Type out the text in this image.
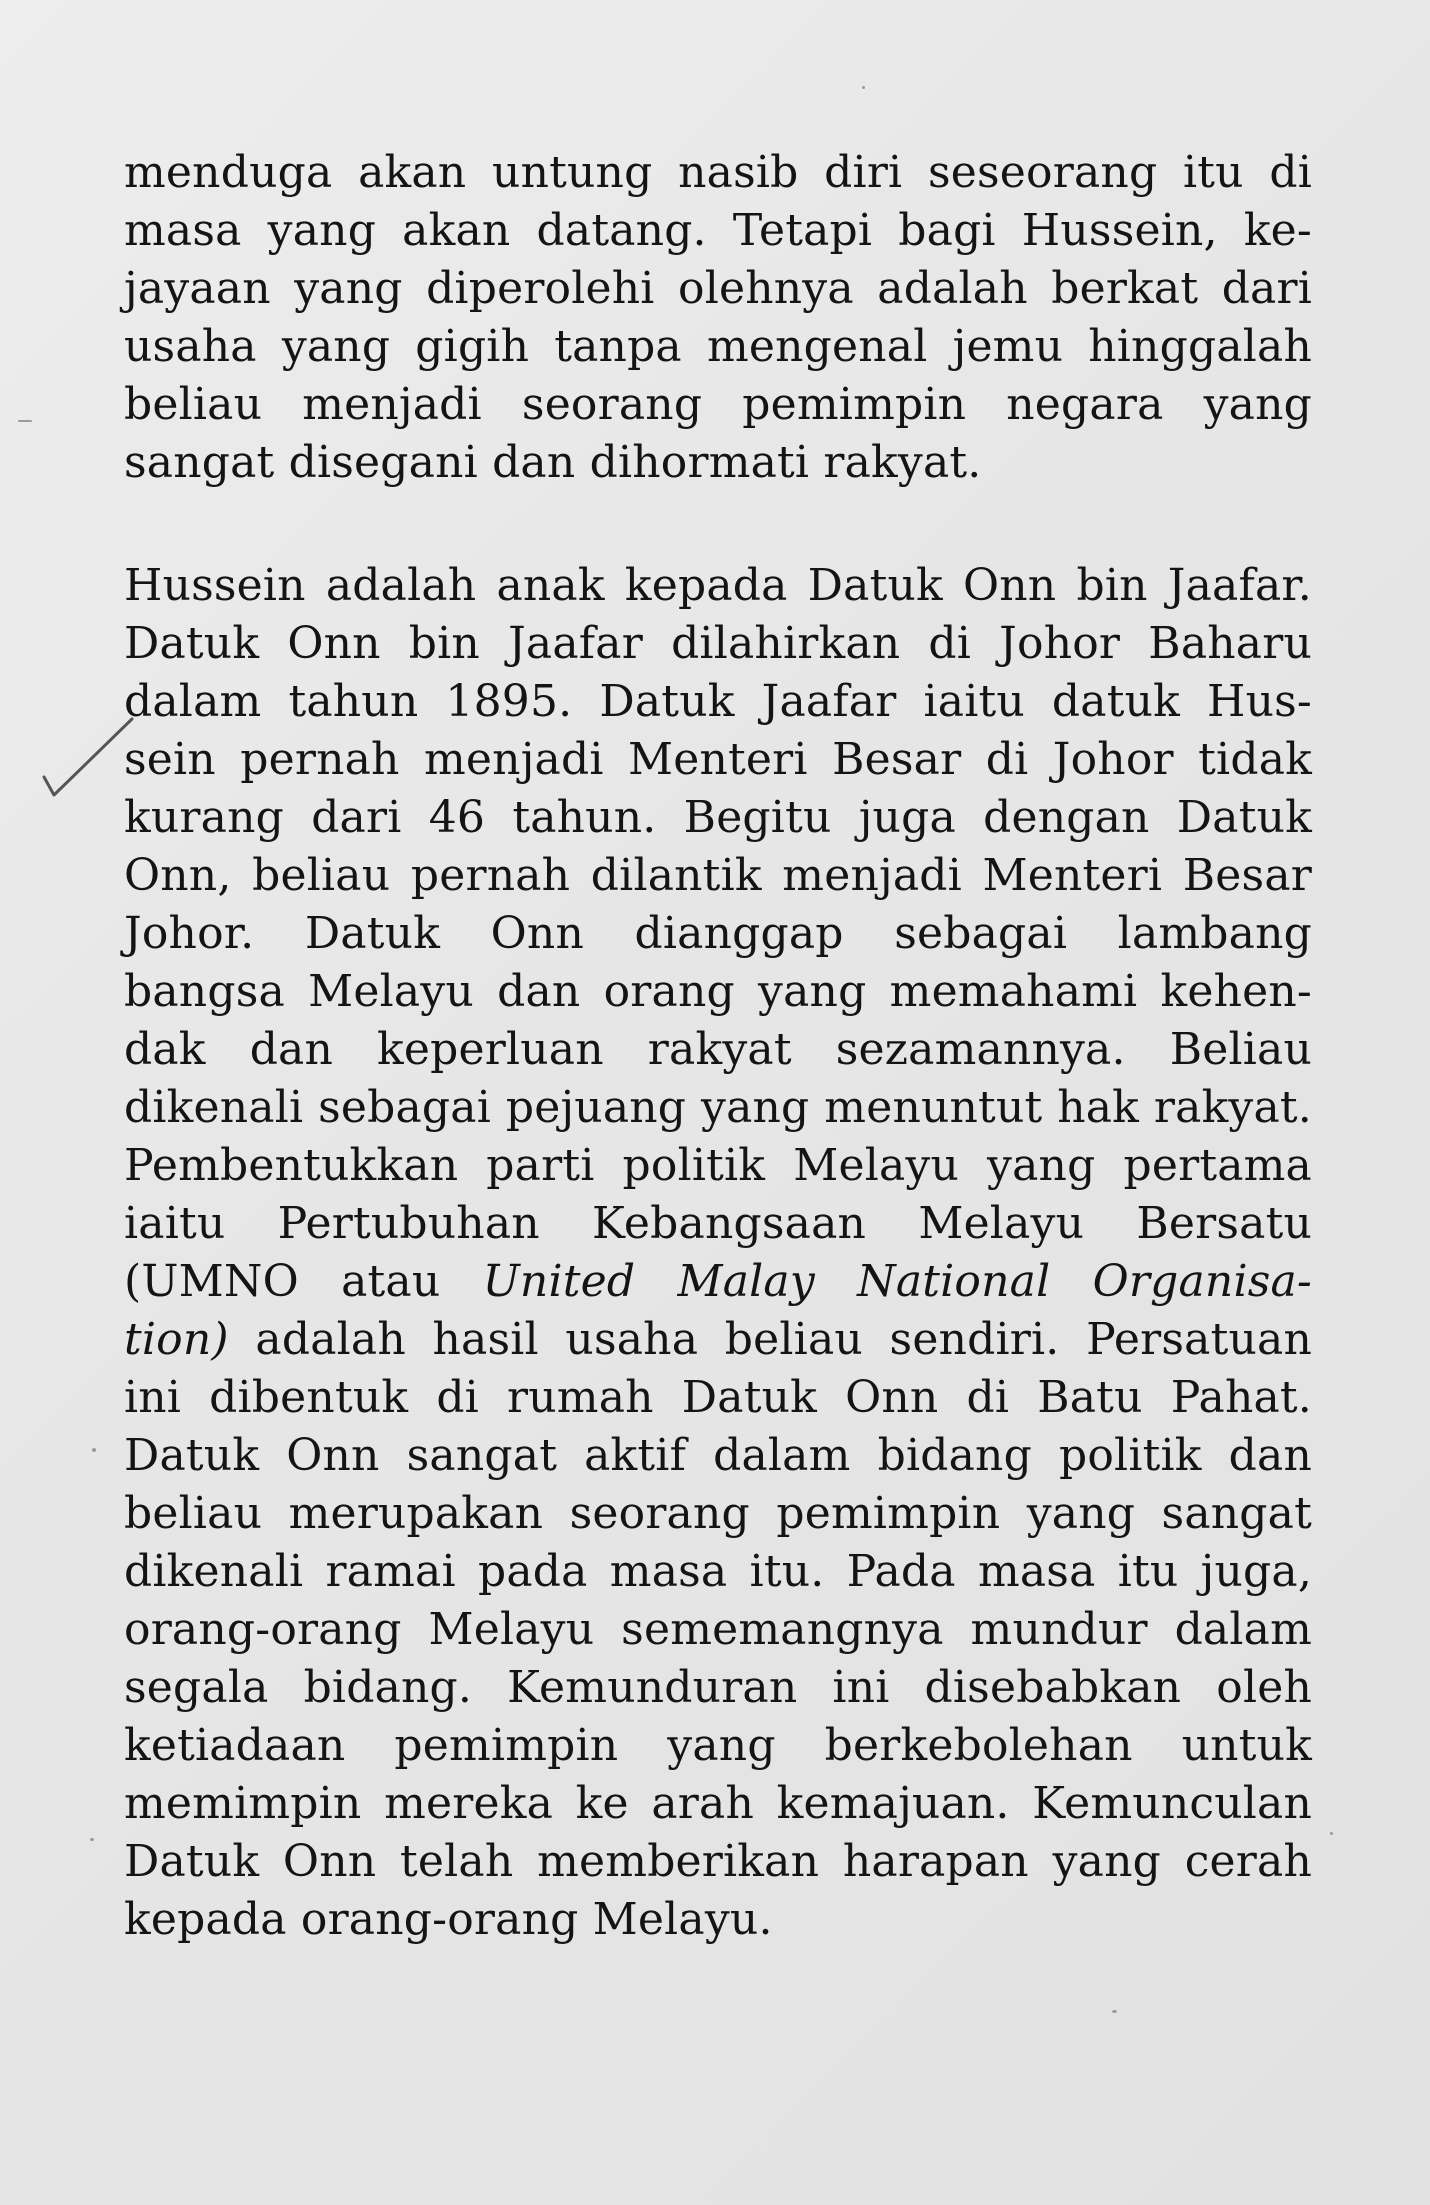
menduga akan untung nasib diri seseorang itu di
masa yang akan datang. Tetapi bagi Hussein, ke-
jayaan yang diperolehi olehnya adalah berkat dari
usaha yang gigih tanpa mengenal jemu hinggalah
beliau menjadi seorang pemimpin negara yang
sangat disegani dan dihormati rakyat.
Hussein adalah anak kepada Datuk Onn bin Jaafar.
Datuk Onn bin Jaafar dilahirkan di Johor Baharu
dalam tahun 1895. Datuk Jaafar iaitu datuk Hus-
sein pernah menjadi Menteri Besar di Johor tidak
kurang dari 46 tahun. Begitu juga dengan Datuk
Onn, beliau pernah dilantik menjadi Menteri Besar
Johor. Datuk Onn dianggap sebagai lambang
bangsa Melayu dan orang yang memahami kehen-
dak dan keperluan rakyat sezamannya. Beliau
dikenali sebagai pejuang yang menuntut hak rakyat.
Pembentukkan parti politik Melayu yang pertama
iaitu Pertubuhan Kebangsaan Melayu Bersatu
(UMNO atau United Malay National Organisa-
tion) adalah hasil usaha beliau sendiri. Persatuan
ini dibentuk di rumah Datuk Onn di Batu Pahat.
Datuk Onn sangat aktif dalam bidang politik dan
beliau merupakan seorang pemimpin yang sangat
dikenali ramai pada masa itu. Pada masa itu juga,
orang-orang Melayu sememangnya mundur dalam
segala bidang. Kemunduran ini disebabkan oleh
ketiadaan pemimpin yang berkebolehan untuk
memimpin mereka ke arah kemajuan. Kemunculan
Datuk Onn telah memberikan harapan yang cerah
kepada orang-orang Melayu.
